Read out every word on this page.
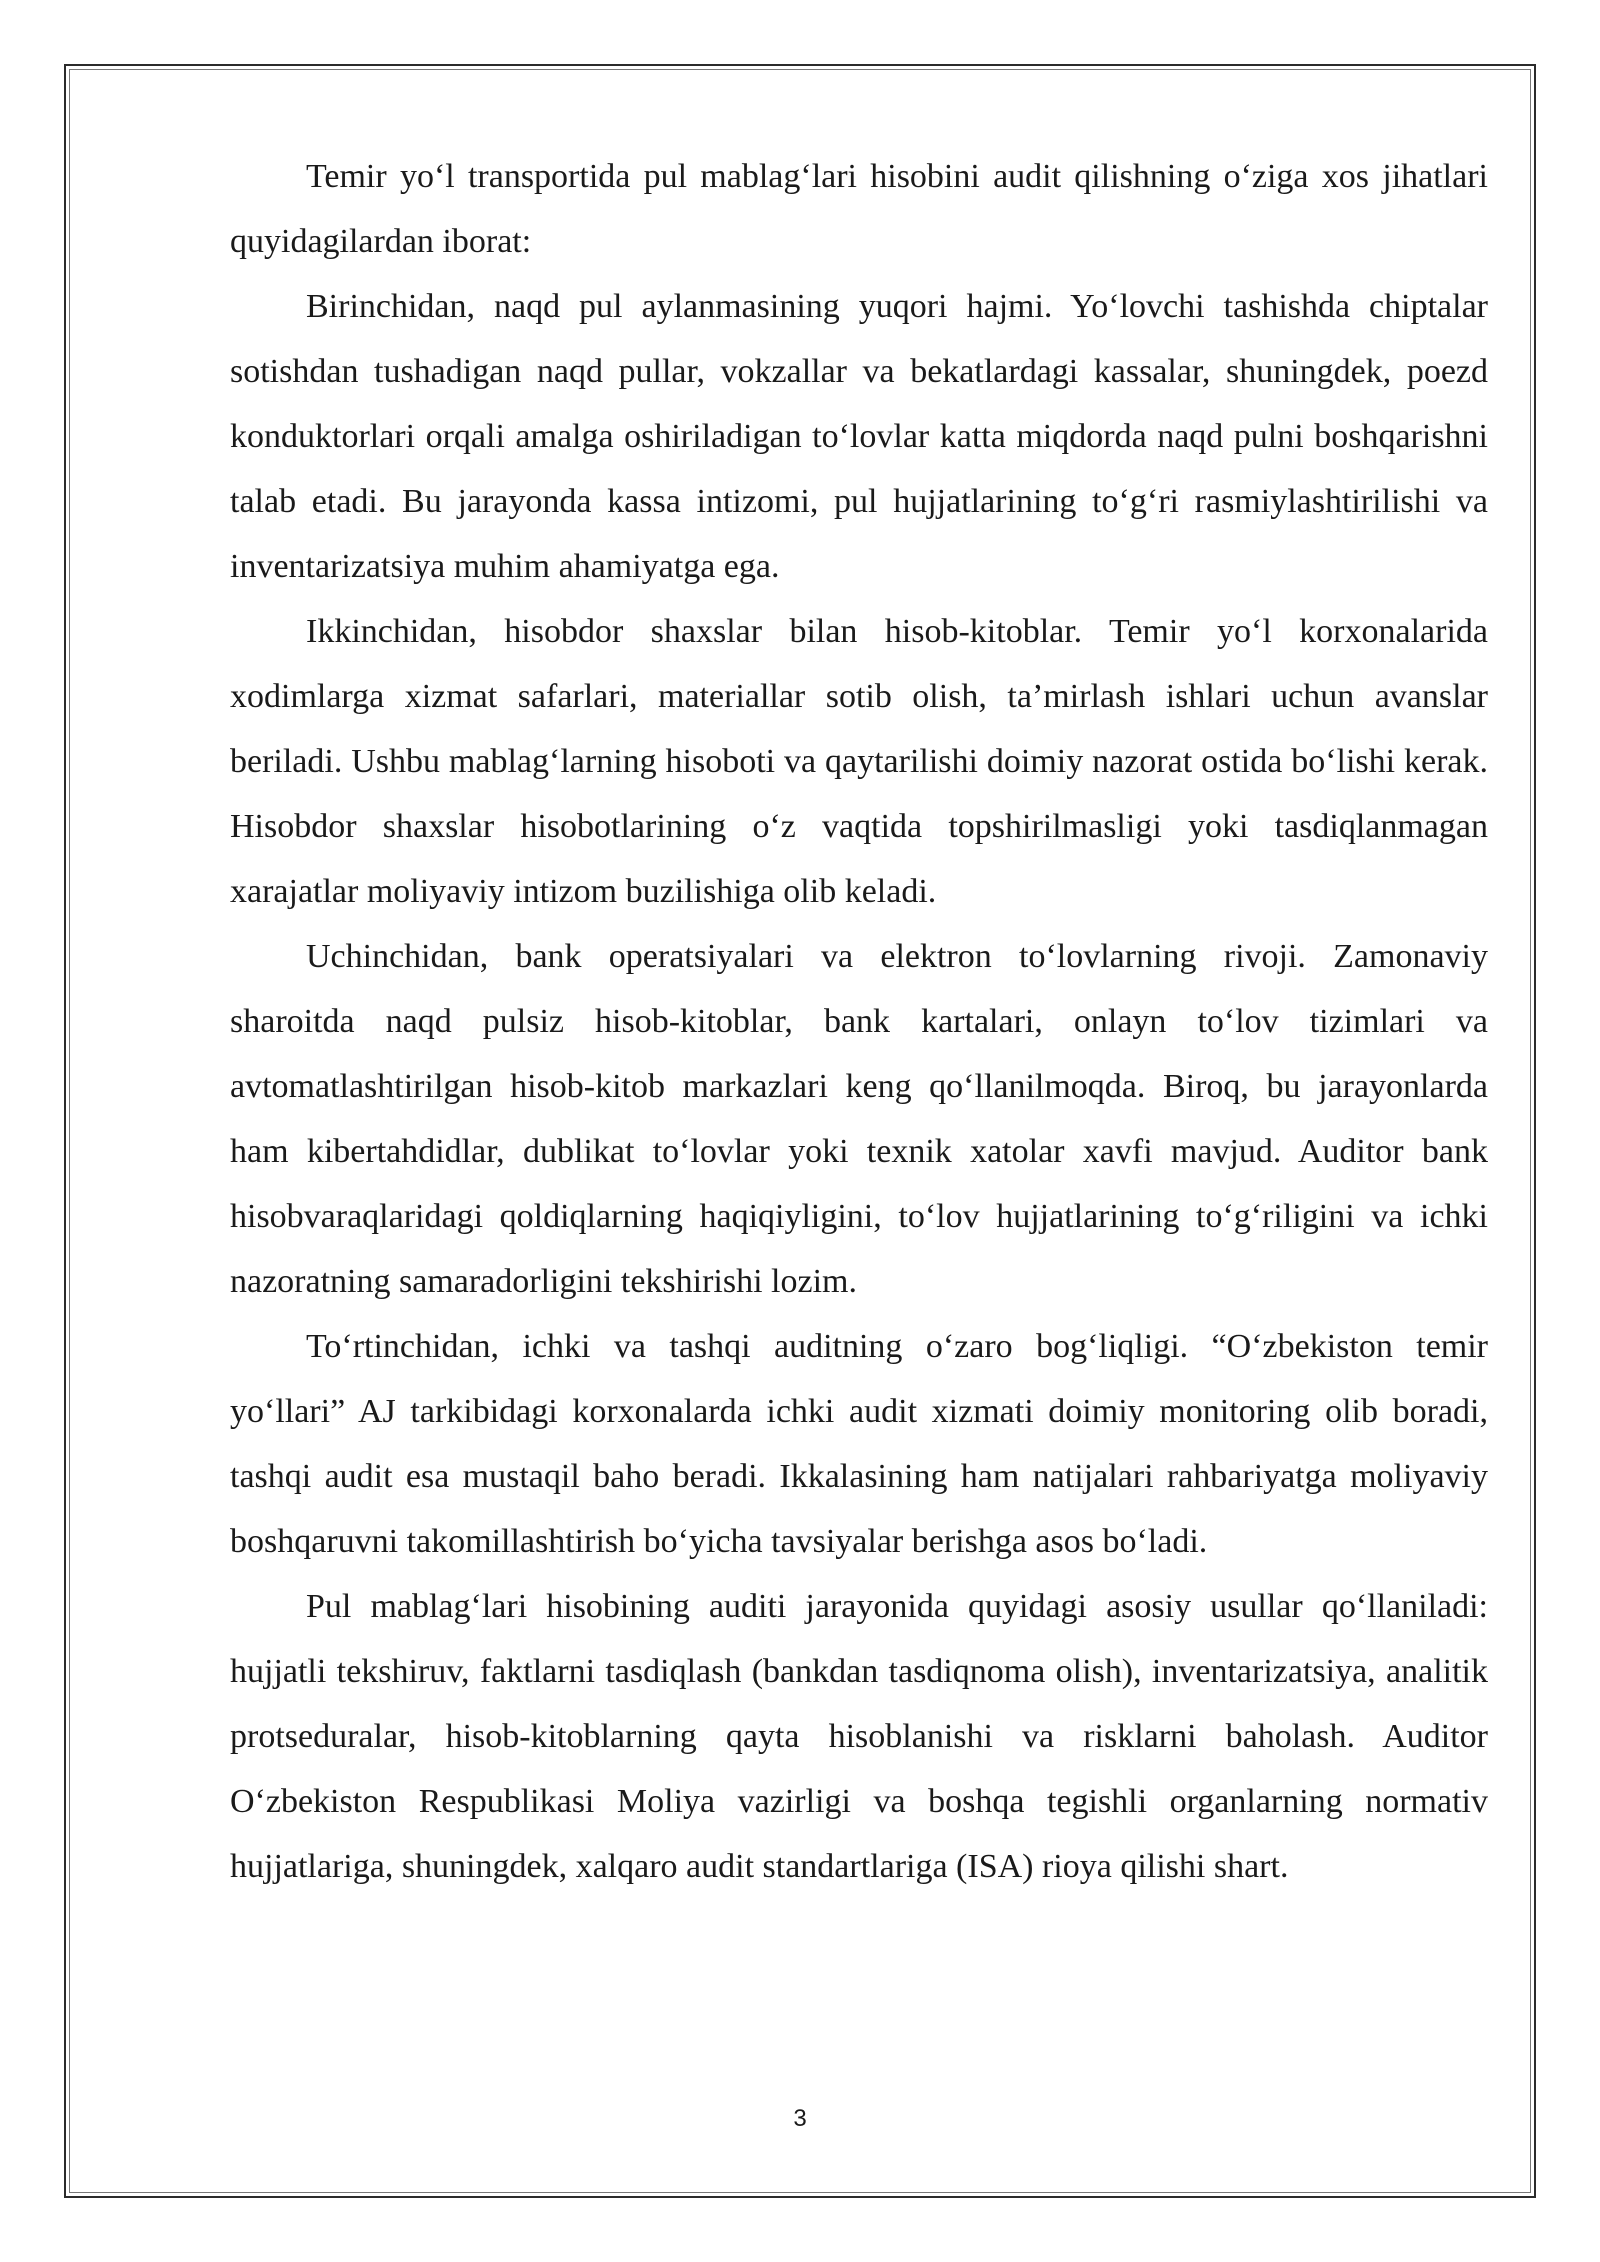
Temir yo‘l transportida pul mablag‘lari hisobini audit qilishning o‘ziga xos jihatlari quyidagilardan iborat:

Birinchidan, naqd pul aylanmasining yuqori hajmi. Yo‘lovchi tashishda chiptalar sotishdan tushadigan naqd pullar, vokzallar va bekatlardagi kassalar, shuningdek, poezd konduktorlari orqali amalga oshiriladigan to‘lovlar katta miqdorda naqd pulni boshqarishni talab etadi. Bu jarayonda kassa intizomi, pul hujjatlarining to‘g‘ri rasmiylashtirilishi va inventarizatsiya muhim ahamiyatga ega.

Ikkinchidan, hisobdor shaxslar bilan hisob-kitoblar. Temir yo‘l korxonalarida xodimlarga xizmat safarlari, materiallar sotib olish, ta’mirlash ishlari uchun avanslar beriladi. Ushbu mablag‘larning hisoboti va qaytarilishi doimiy nazorat ostida bo‘lishi kerak. Hisobdor shaxslar hisobotlarining o‘z vaqtida topshirilmasligi yoki tasdiqlanmagan xarajatlar moliyaviy intizom buzilishiga olib keladi.

Uchinchidan, bank operatsiyalari va elektron to‘lovlarning rivoji. Zamonaviy sharoitda naqd pulsiz hisob-kitoblar, bank kartalari, onlayn to‘lov tizimlari va avtomatlashtirilgan hisob-kitob markazlari keng qo‘llanilmoqda. Biroq, bu jarayonlarda ham kibertahdidlar, dublikat to‘lovlar yoki texnik xatolar xavfi mavjud. Auditor bank hisobvaraqlaridagi qoldiqlarning haqiqiyligini, to‘lov hujjatlarining to‘g‘riligini va ichki nazoratning samaradorligini tekshirishi lozim.

To‘rtinchidan, ichki va tashqi auditning o‘zaro bog‘liqligi. “O‘zbekiston temir yo‘llari” AJ tarkibidagi korxonalarda ichki audit xizmati doimiy monitoring olib boradi, tashqi audit esa mustaqil baho beradi. Ikkalasining ham natijalari rahbariyatga moliyaviy boshqaruvni takomillashtirish bo‘yicha tavsiyalar berishga asos bo‘ladi.

Pul mablag‘lari hisobining auditi jarayonida quyidagi asosiy usullar qo‘llaniladi: hujjatli tekshiruv, faktlarni tasdiqlash (bankdan tasdiqnoma olish), inventarizatsiya, analitik protseduralar, hisob-kitoblarning qayta hisoblanishi va risklarni baholash. Auditor O‘zbekiston Respublikasi Moliya vazirligi va boshqa tegishli organlarning normativ hujjatlariga, shuningdek, xalqaro audit standartlariga (ISA) rioya qilishi shart.

3
